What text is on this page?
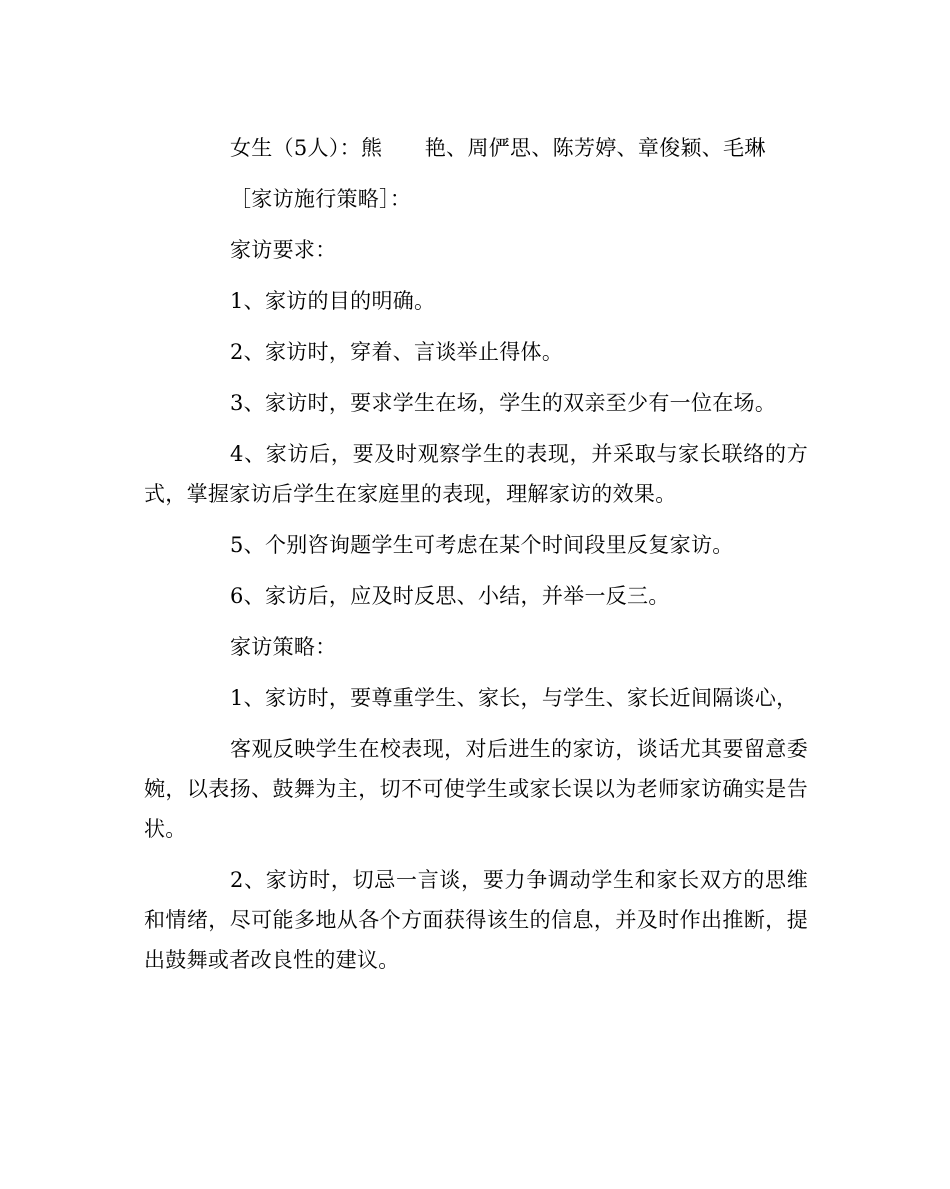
女生（5人）：熊　　艳、周俨思、陈芳婷、章俊颖、毛琳

［家访施行策略］：

家访要求：

1、家访的目的明确。

2、家访时，穿着、言谈举止得体。

3、家访时，要求学生在场，学生的双亲至少有一位在场。

4、家访后，要及时观察学生的表现，并采取与家长联络的方式，掌握家访后学生在家庭里的表现，理解家访的效果。

5、个别咨询题学生可考虑在某个时间段里反复家访。

6、家访后，应及时反思、小结，并举一反三。

家访策略：

1、家访时，要尊重学生、家长，与学生、家长近间隔谈心，

客观反映学生在校表现，对后进生的家访，谈话尤其要留意委婉，以表扬、鼓舞为主，切不可使学生或家长误以为老师家访确实是告状。

2、家访时，切忌一言谈，要力争调动学生和家长双方的思维和情绪，尽可能多地从各个方面获得该生的信息，并及时作出推断，提出鼓舞或者改良性的建议。
